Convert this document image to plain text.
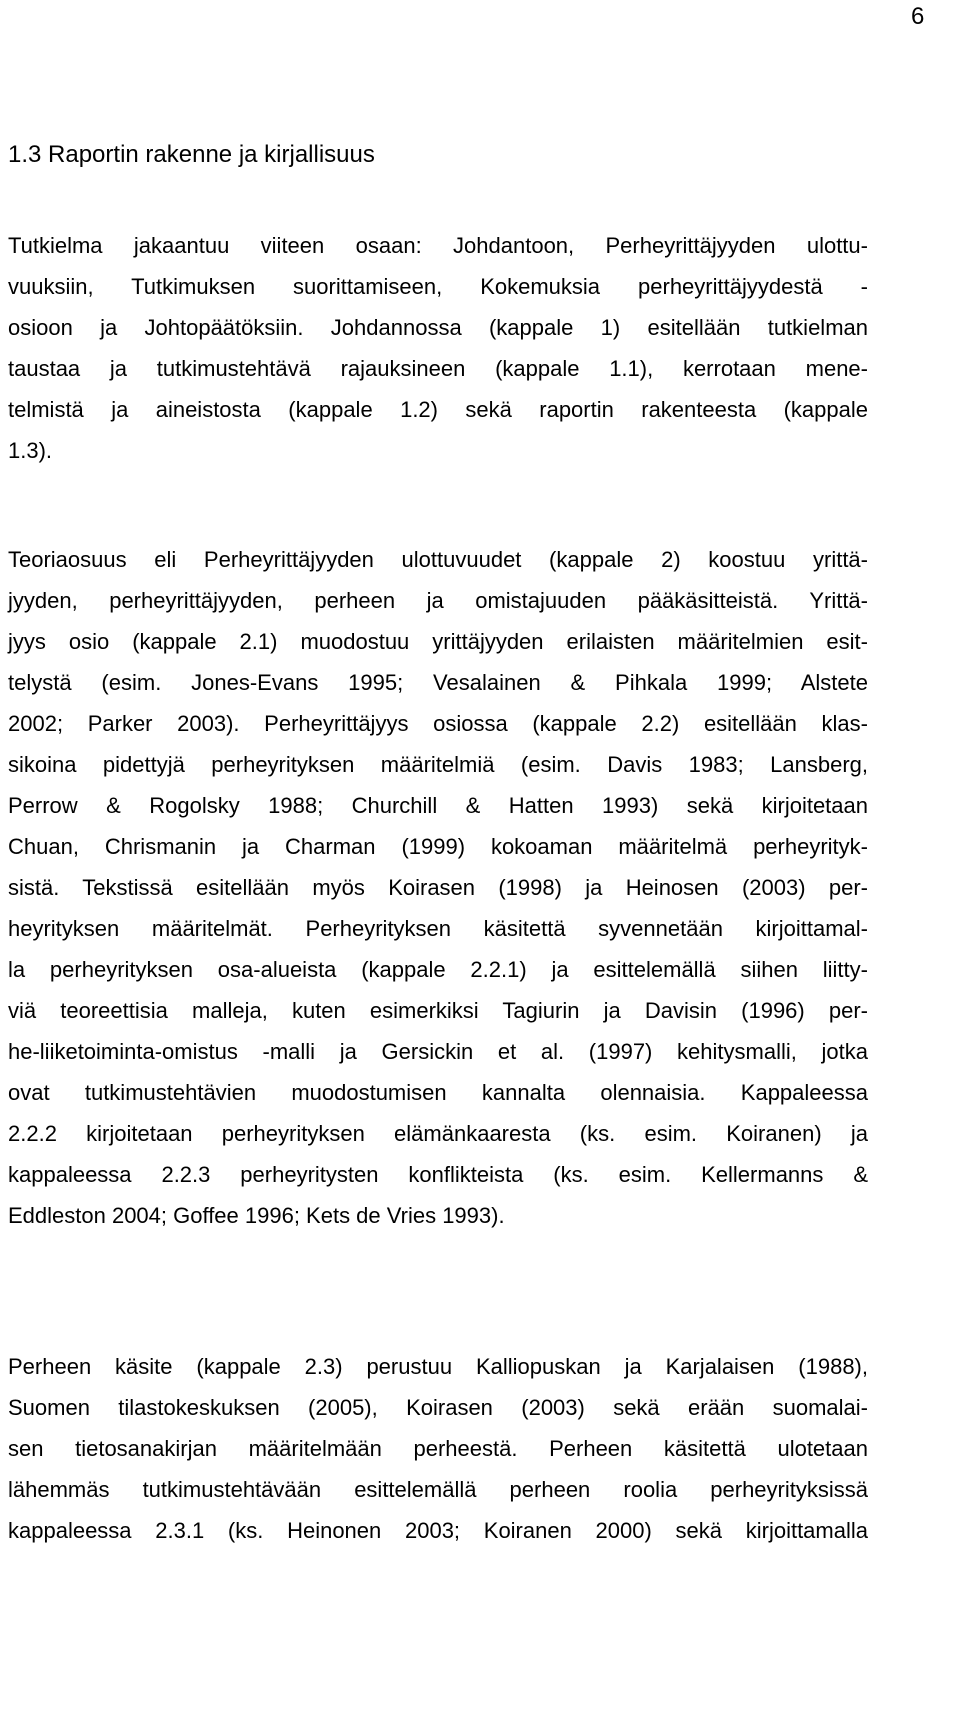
6
1.3 Raportin rakenne ja kirjallisuus
Tutkielma jakaantuu viiteen osaan: Johdantoon, Perheyrittäjyyden ulottu-
vuuksiin, Tutkimuksen suorittamiseen, Kokemuksia perheyrittäjyydestä -
osioon ja Johtopäätöksiin. Johdannossa (kappale 1) esitellään tutkielman
taustaa ja tutkimustehtävä rajauksineen (kappale 1.1), kerrotaan mene-
telmistä ja aineistosta (kappale 1.2) sekä raportin rakenteesta (kappale
1.3).
Teoriaosuus eli Perheyrittäjyyden ulottuvuudet (kappale 2) koostuu yrittä-
jyyden, perheyrittäjyyden, perheen ja omistajuuden pääkäsitteistä. Yrittä-
jyys osio (kappale 2.1) muodostuu yrittäjyyden erilaisten määritelmien esit-
telystä (esim. Jones-Evans 1995; Vesalainen & Pihkala 1999; Alstete
2002; Parker 2003). Perheyrittäjyys osiossa (kappale 2.2) esitellään klas-
sikoina pidettyjä perheyrityksen määritelmiä (esim. Davis 1983; Lansberg,
Perrow & Rogolsky 1988; Churchill & Hatten 1993) sekä kirjoitetaan
Chuan, Chrismanin ja Charman (1999) kokoaman määritelmä perheyrityk-
sistä. Tekstissä esitellään myös Koirasen (1998) ja Heinosen (2003) per-
heyrityksen määritelmät. Perheyrityksen käsitettä syvennetään kirjoittamal-
la perheyrityksen osa-alueista (kappale 2.2.1) ja esittelemällä siihen liitty-
viä teoreettisia malleja, kuten esimerkiksi Tagiurin ja Davisin (1996) per-
he-liiketoiminta-omistus -malli ja Gersickin et al. (1997) kehitysmalli, jotka
ovat tutkimustehtävien muodostumisen kannalta olennaisia. Kappaleessa
2.2.2 kirjoitetaan perheyrityksen elämänkaaresta (ks. esim. Koiranen) ja
kappaleessa 2.2.3 perheyritysten konflikteista (ks. esim. Kellermanns &
Eddleston 2004; Goffee 1996; Kets de Vries 1993).
Perheen käsite (kappale 2.3) perustuu Kalliopuskan ja Karjalaisen (1988),
Suomen tilastokeskuksen (2005), Koirasen (2003) sekä erään suomalai-
sen tietosanakirjan määritelmään perheestä. Perheen käsitettä ulotetaan
lähemmäs tutkimustehtävään esittelemällä perheen roolia perheyrityksissä
kappaleessa 2.3.1 (ks. Heinonen 2003; Koiranen 2000) sekä kirjoittamalla
